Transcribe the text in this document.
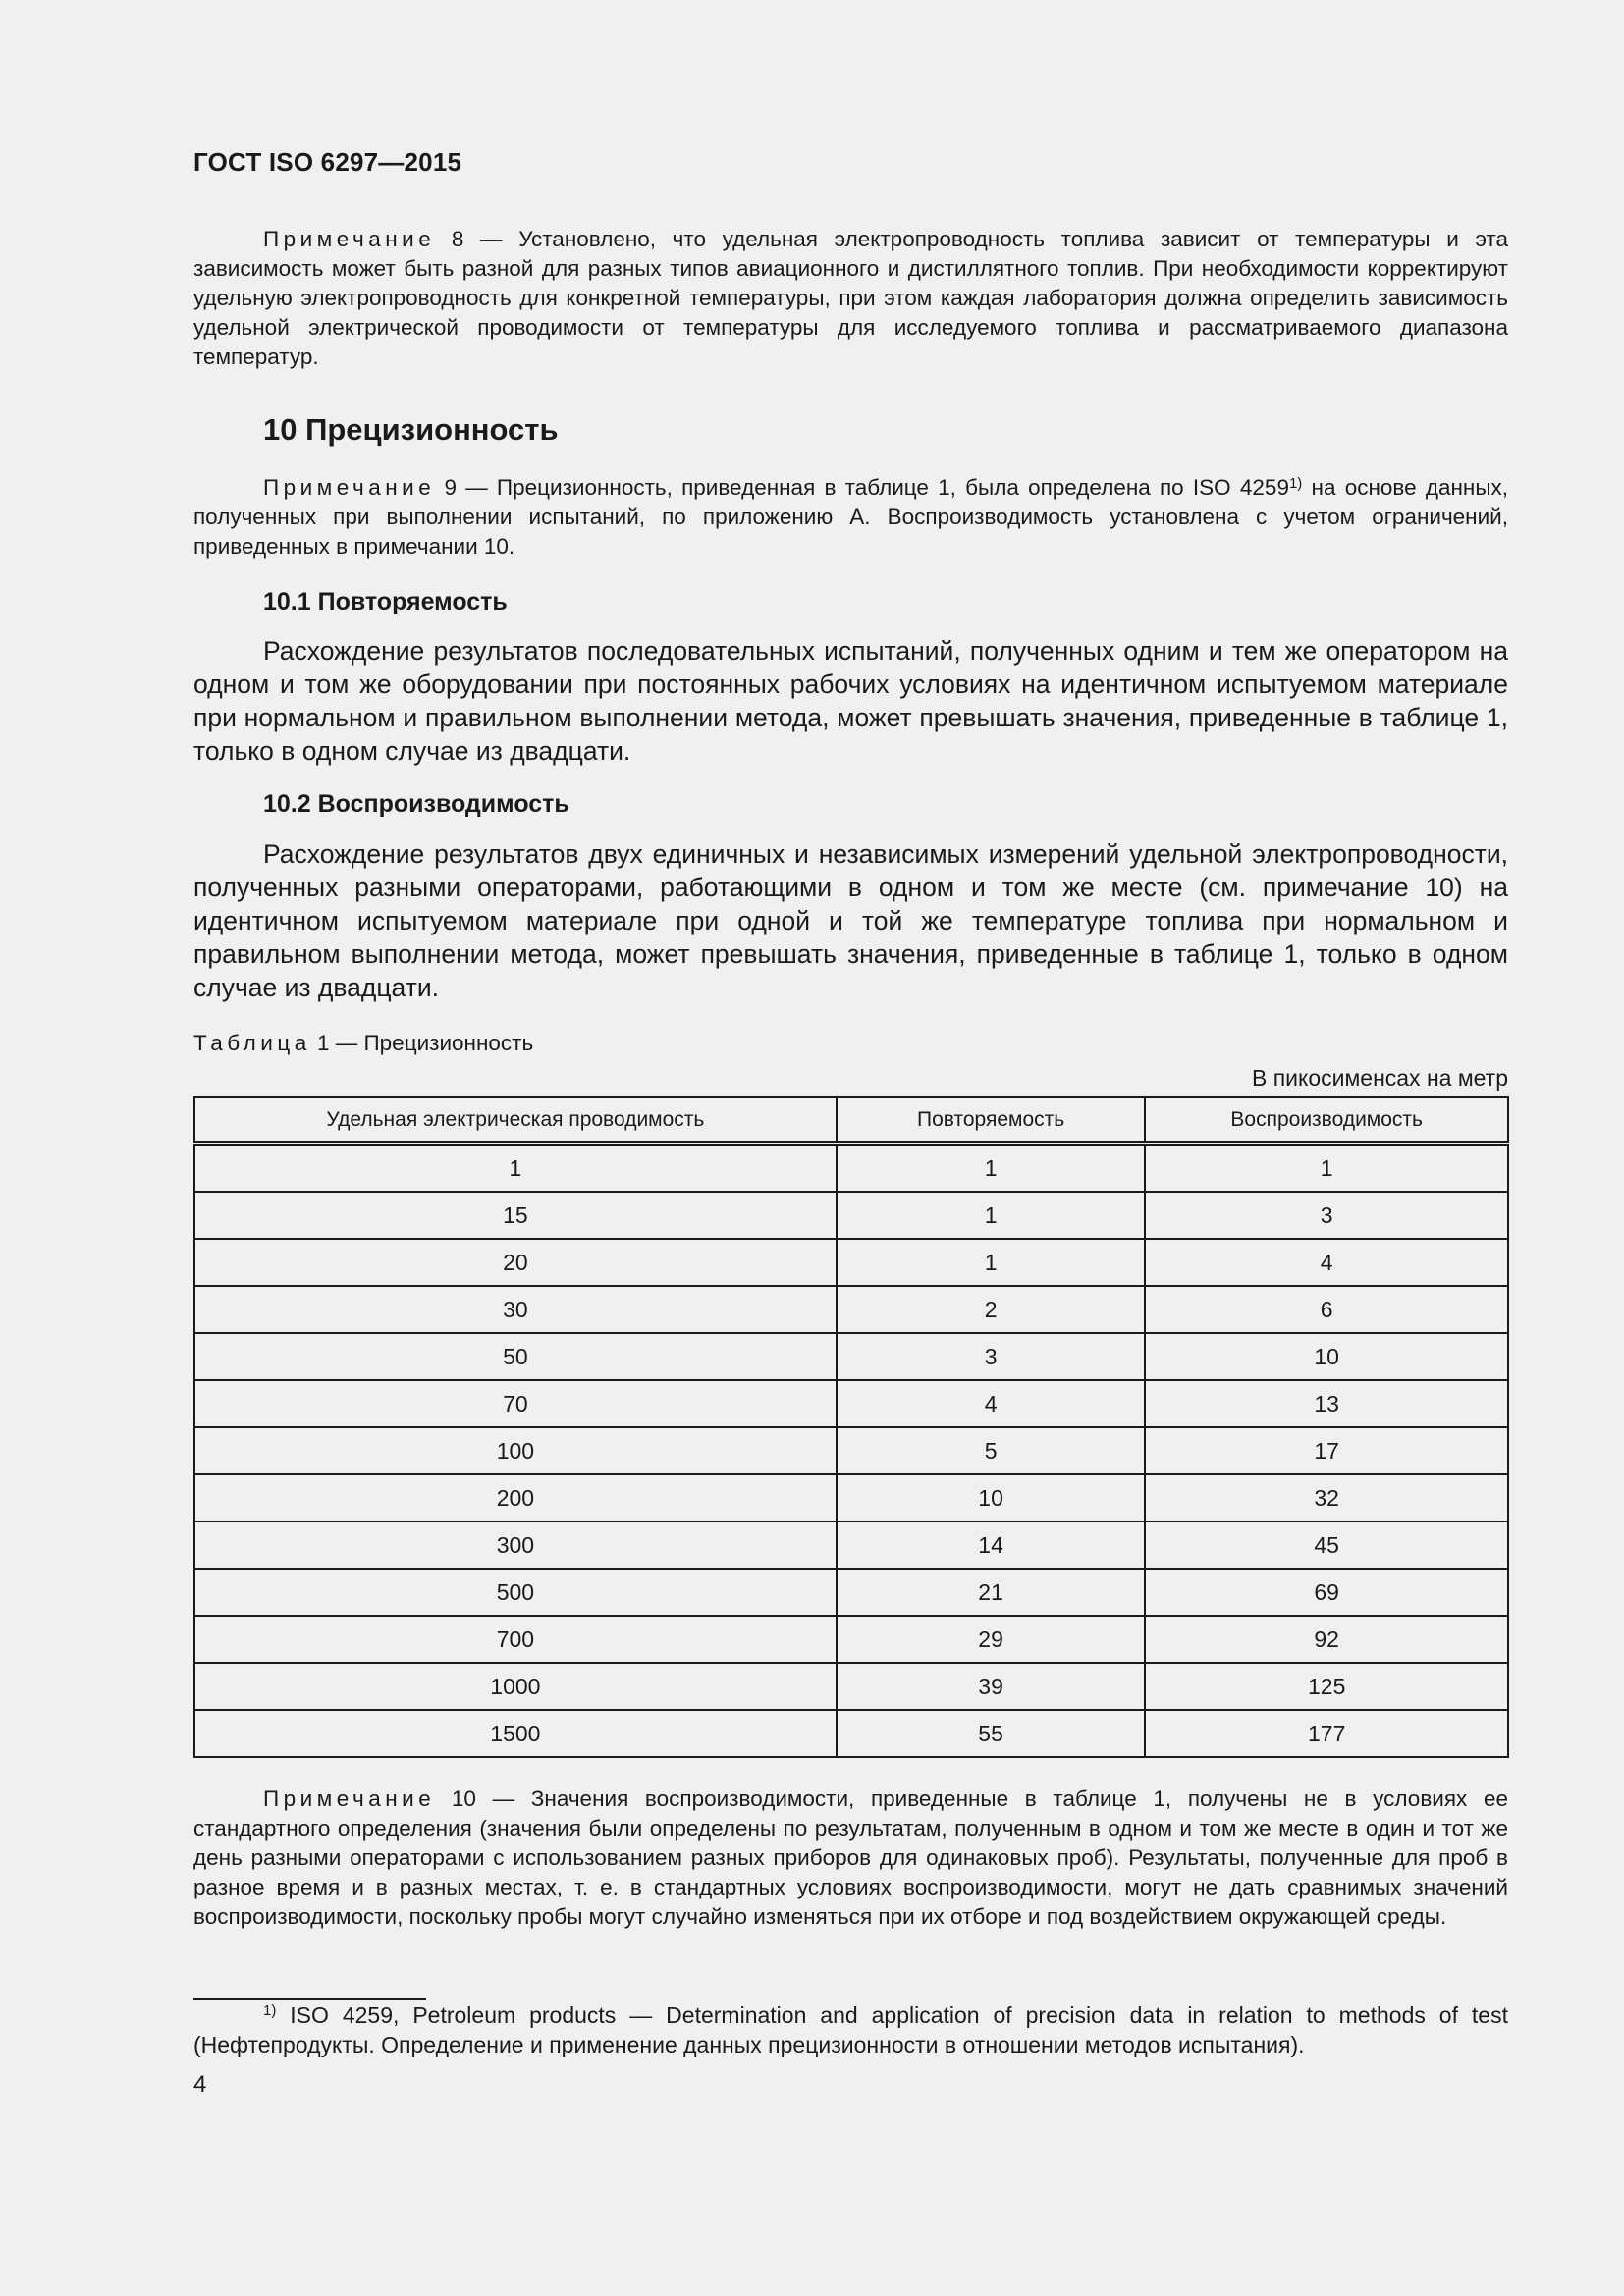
ГОСТ ISO 6297—2015
Примечание 8 — Установлено, что удельная электропроводность топлива зависит от температуры и эта зависимость может быть разной для разных типов авиационного и дистиллятного топлив. При необходимости корректируют удельную электропроводность для конкретной температуры, при этом каждая лаборатория должна определить зависимость удельной электрической проводимости от температуры для исследуемого топлива и рассматриваемого диапазона температур.
10 Прецизионность
Примечание 9 — Прецизионность, приведенная в таблице 1, была определена по ISO 4259$^{1)}$ на основе данных, полученных при выполнении испытаний, по приложению А. Воспроизводимость установлена с учетом ограничений, приведенных в примечании 10.
10.1 Повторяемость
Расхождение результатов последовательных испытаний, полученных одним и тем же оператором на одном и том же оборудовании при постоянных рабочих условиях на идентичном испытуемом материале при нормальном и правильном выполнении метода, может превышать значения, приведенные в таблице 1, только в одном случае из двадцати.
10.2 Воспроизводимость
Расхождение результатов двух единичных и независимых измерений удельной электропроводности, полученных разными операторами, работающими в одном и том же месте (см. примечание 10) на идентичном испытуемом материале при одной и той же температуре топлива при нормальном и правильном выполнении метода, может превышать значения, приведенные в таблице 1, только в одном случае из двадцати.
Таблица 1 — Прецизионность
В пикосименсах на метр
Удельная электрическая проводимость	Повторяемость	Воспроизводимость
1	1	1
15	1	3
20	1	4
30	2	6
50	3	10
70	4	13
100	5	17
200	10	32
300	14	45
500	21	69
700	29	92
1000	39	125
1500	55	177
Примечание 10 — Значения воспроизводимости, приведенные в таблице 1, получены не в условиях ее стандартного определения (значения были определены по результатам, полученным в одном и том же месте в один и тот же день разными операторами с использованием разных приборов для одинаковых проб). Результаты, полученные для проб в разное время и в разных местах, т. е. в стандартных условиях воспроизводимости, могут не дать сравнимых значений воспроизводимости, поскольку пробы могут случайно изменяться при их отборе и под воздействием окружающей среды.
$^{1)}$ ISO 4259, Petroleum products — Determination and application of precision data in relation to methods of test (Нефтепродукты. Определение и применение данных прецизионности в отношении методов испытания).
4
